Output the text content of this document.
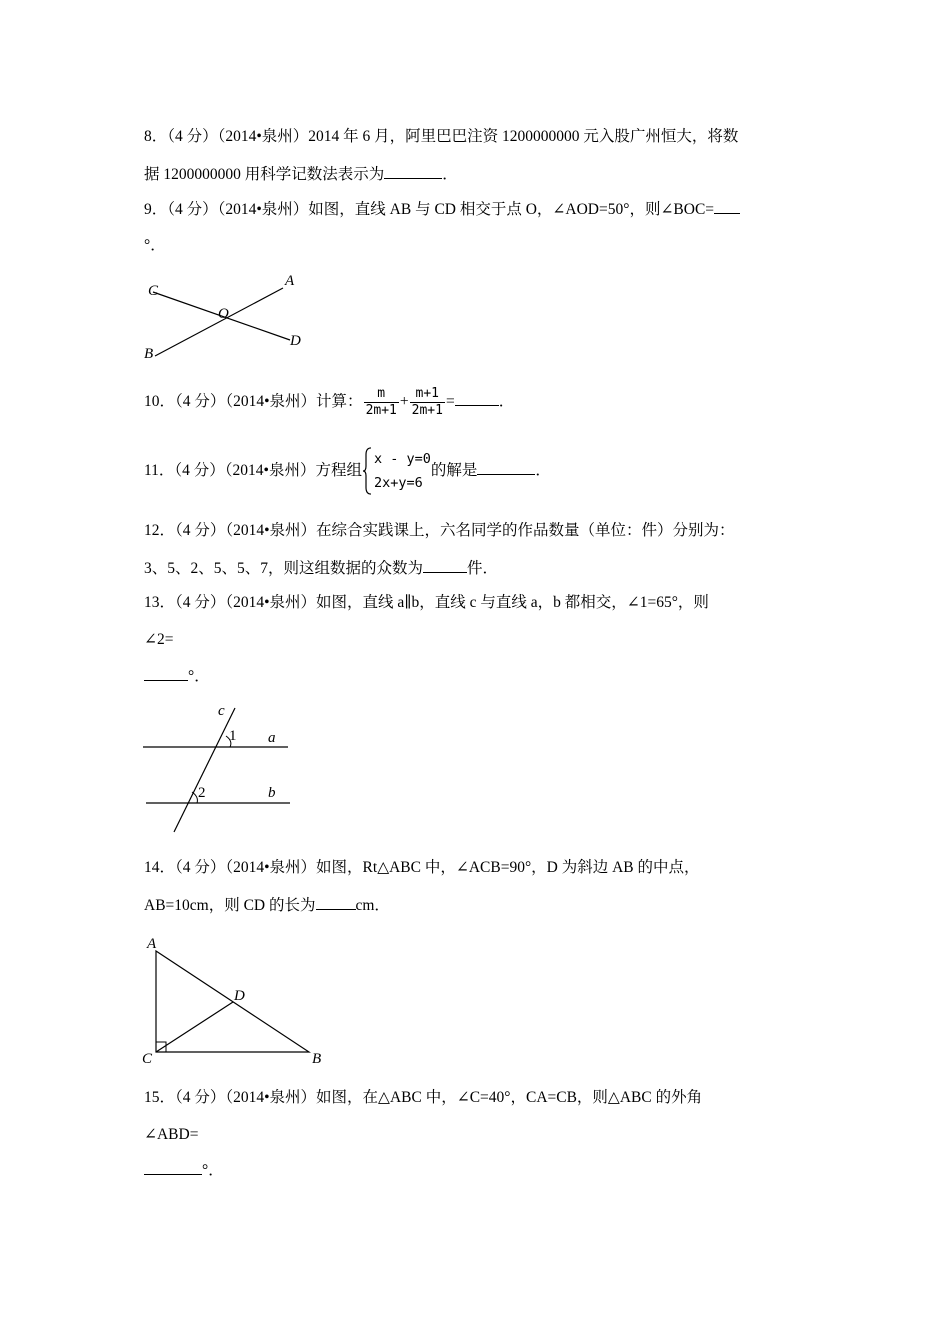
8．（4 分）（2014•泉州）2014 年 6 月，阿里巴巴注资 1200000000 元入股广州恒大，将数
据 1200000000 用科学记数法表示为	．
9．（4 分）（2014•泉州）如图，直线 AB 与 CD 相交于点 O，∠AOD=50°，则∠BOC=
°．
C
A
O
B
D
10．（4 分）（2014•泉州）计算： $\frac{m}{2m+1} + \frac{m+1}{2m+1}$ =	．
11．（4 分）（2014•泉州）方程组
x - y=0
2x+y=6
的解是	．
12．（4 分）（2014•泉州）在综合实践课上，六名同学的作品数量（单位：件）分别为：
3、5、2、5、5、7，则这组数据的众数为	件．
13．（4 分）（2014•泉州）如图，直线 a∥b，直线 c 与直线 a，b 都相交，∠1=65°，则
∠2=
°．
c
a
b
1
2
14．（4 分）（2014•泉州）如图，Rt△ABC 中，∠ACB=90°，D 为斜边 AB 的中点，
AB=10cm，则 CD 的长为	cm．
A
D
C	B
15．（4 分）（2014•泉州）如图，在△ABC 中，∠C=40°，CA=CB，则△ABC 的外角
∠ABD=
°．
